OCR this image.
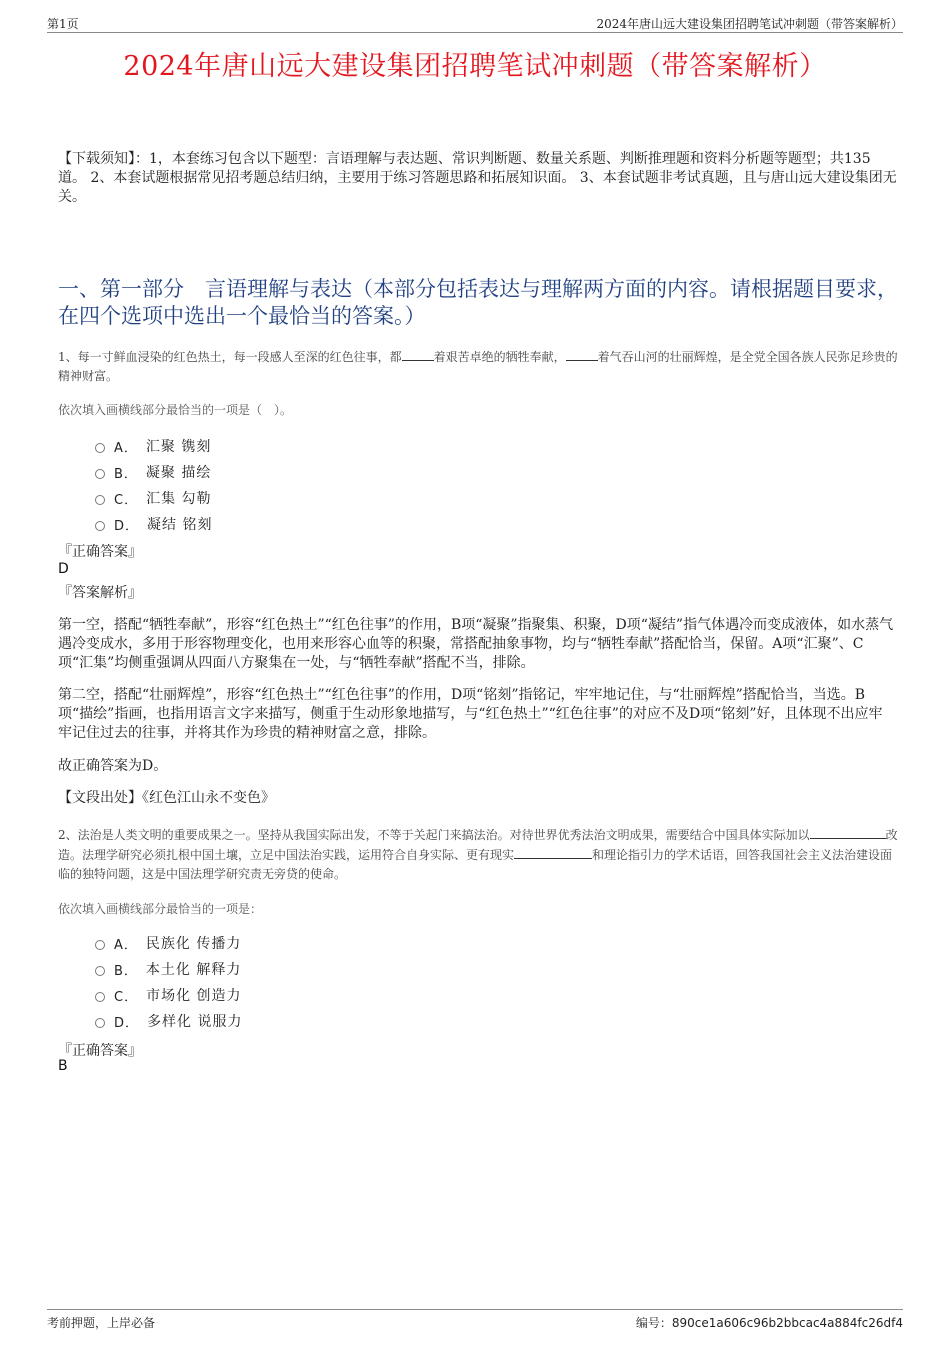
第1页	2024年唐山远大建设集团招聘笔试冲刺题（带答案解析）
2024年唐山远大建设集团招聘笔试冲刺题（带答案解析）
【下载须知】：1，本套练习包含以下题型：言语理解与表达题、常识判断题、数量关系题、判断推理题和资料分析题等题型；共135道。 2、本套试题根据常见招考题总结归纳，主要用于练习答题思路和拓展知识面。 3、本套试题非考试真题，且与唐山远大建设集团无关。
一、第一部分　言语理解与表达（本部分包括表达与理解两方面的内容。请根据题目要求，在四个选项中选出一个最恰当的答案。）
1、每一寸鲜血浸染的红色热土，每一段感人至深的红色往事，都	着艰苦卓绝的牺牲奉献，	着气吞山河的壮丽辉煌，是全党全国各族人民弥足珍贵的精神财富。
依次填入画横线部分最恰当的一项是（　）。
A． 汇聚 镌刻
B． 凝聚 描绘
C． 汇集 勾勒
D． 凝结 铭刻
『正确答案』
D
『答案解析』
第一空，搭配“牺牲奉献”，形容“红色热土”“红色往事”的作用，B项“凝聚”指聚集、积聚，D项“凝结”指气体遇冷而变成液体，如水蒸气遇冷变成水，多用于形容物理变化，也用来形容心血等的积聚，常搭配抽象事物，均与“牺牲奉献”搭配恰当，保留。A项“汇聚”、C项“汇集”均侧重强调从四面八方聚集在一处，与“牺牲奉献”搭配不当，排除。
第二空，搭配“壮丽辉煌”，形容“红色热土”“红色往事”的作用，D项“铭刻”指铭记，牢牢地记住，与“壮丽辉煌”搭配恰当，当选。B项“描绘”指画，也指用语言文字来描写，侧重于生动形象地描写，与“红色热土”“红色往事”的对应不及D项“铭刻”好，且体现不出应牢牢记住过去的往事，并将其作为珍贵的精神财富之意，排除。
故正确答案为D。
【文段出处】《红色江山永不变色》
2、法治是人类文明的重要成果之一。坚持从我国实际出发，不等于关起门来搞法治。对待世界优秀法治文明成果，需要结合中国具体实际加以	改造。法理学研究必须扎根中国土壤，立足中国法治实践，运用符合自身实际、更有现实	和理论指引力的学术话语，回答我国社会主义法治建设面临的独特问题，这是中国法理学研究责无旁贷的使命。
依次填入画横线部分最恰当的一项是：
A． 民族化 传播力
B． 本土化 解释力
C． 市场化 创造力
D． 多样化 说服力
『正确答案』
B
考前押题，上岸必备	编号：890ce1a606c96b2bbcac4a884fc26df4
